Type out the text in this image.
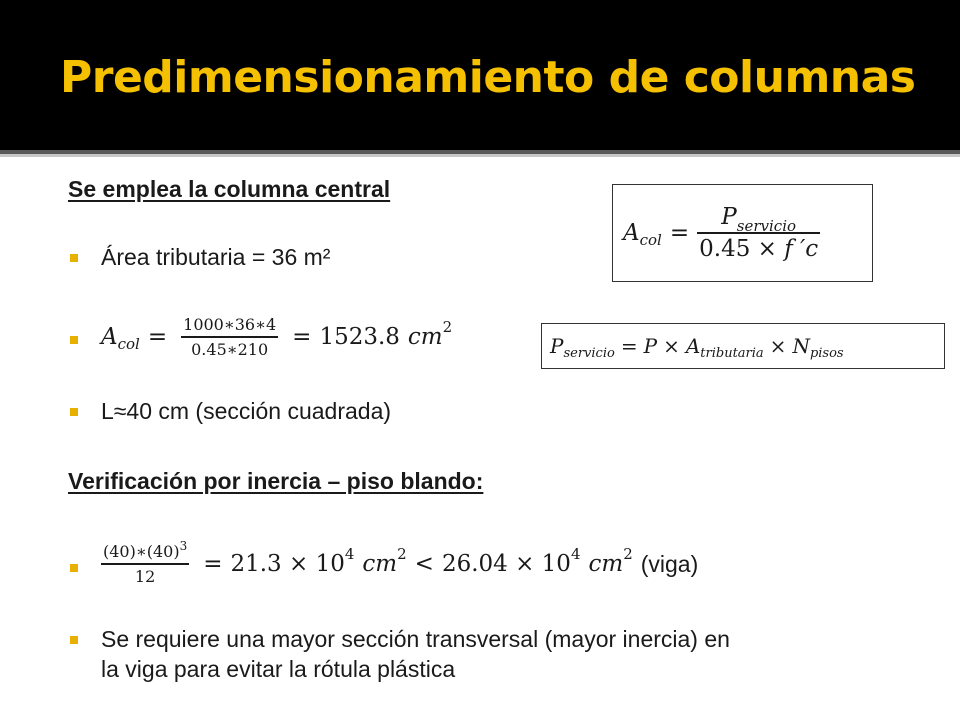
Predimensionamiento de columnas
Se emplea la columna central
Área tributaria = 36 m²
A col = $\frac{1000∗36∗4}{0.45∗210} = 1523.8$ cm 2
L≈40 cm (sección cuadrada)
Verificación por inercia – piso blando:
$\frac{(40)∗(40)^3}{12} = 21.3 \times 10$ 4 cm 2 < 26.04 × 10 4 cm 2 (viga)
Se requiere una mayor sección transversal (mayor inercia) en
la viga para evitar la rótula plástica
A col = $\frac{P_{servicio}}{0.45 \times f 'c}$
P servicio = P × A tributaria × N pisos
